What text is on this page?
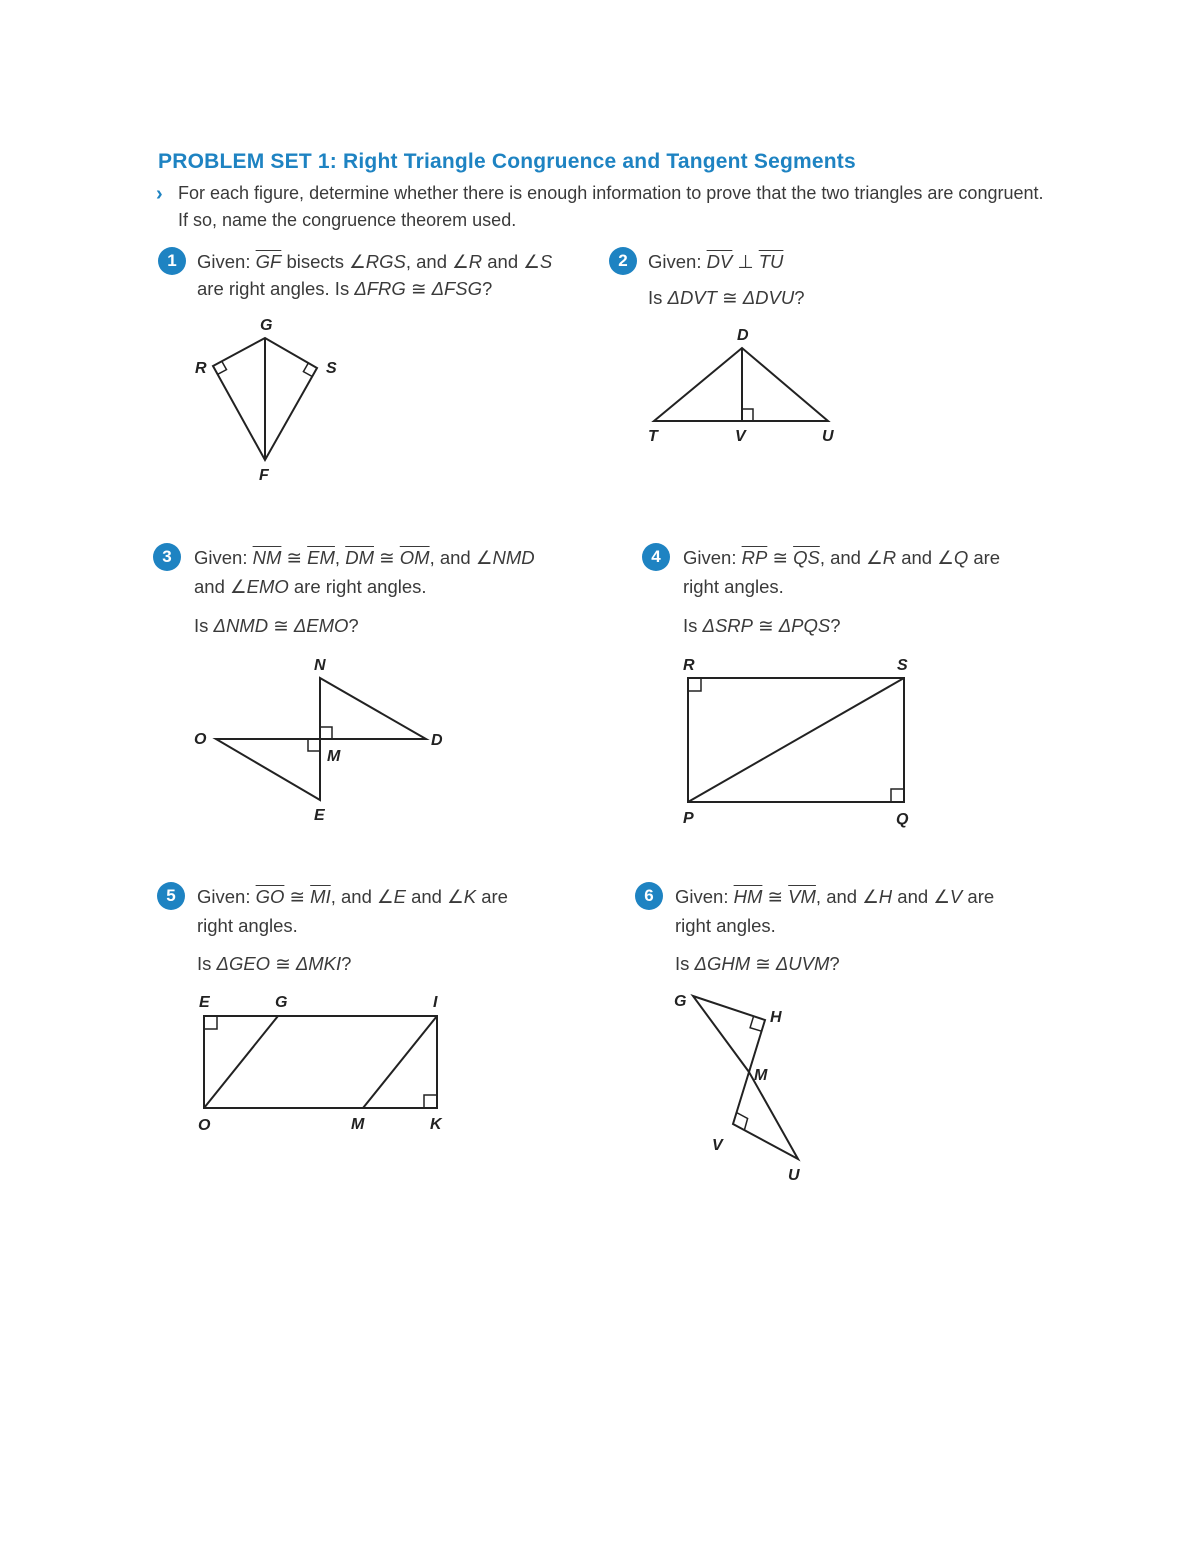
PROBLEM SET 1: Right Triangle Congruence and Tangent Segments
› For each figure, determine whether there is enough information to prove that the two triangles are congruent. If so, name the congruence theorem used.
1	Given: $\overline{GF}$ bisects ∠RGS, and ∠R and ∠S
are right angles. Is ΔFRG ≅ ΔFSG?
G
R	S
F
2	Given: $\overline{DV}$ ⊥ $\overline{TU}$
Is ΔDVT ≅ ΔDVU?
D
T	V	U
3	Given: $\overline{NM}$ ≅ $\overline{EM}$, $\overline{DM}$ ≅ $\overline{OM}$, and ∠NMD
and ∠EMO are right angles.
Is ΔNMD ≅ ΔEMO?
N
O	D
M
E
4	Given: $\overline{RP}$ ≅ $\overline{QS}$, and ∠R and ∠Q are
right angles.
Is ΔSRP ≅ ΔPQS?
R	S
P	Q
5	Given: $\overline{GO}$ ≅ $\overline{MI}$, and ∠E and ∠K are
right angles.
Is ΔGEO ≅ ΔMKI?
E	G	I
O	M	K
6	Given: $\overline{HM}$ ≅ $\overline{VM}$, and ∠H and ∠V are
right angles.
Is ΔGHM ≅ ΔUVM?
G
H
M
V
U
